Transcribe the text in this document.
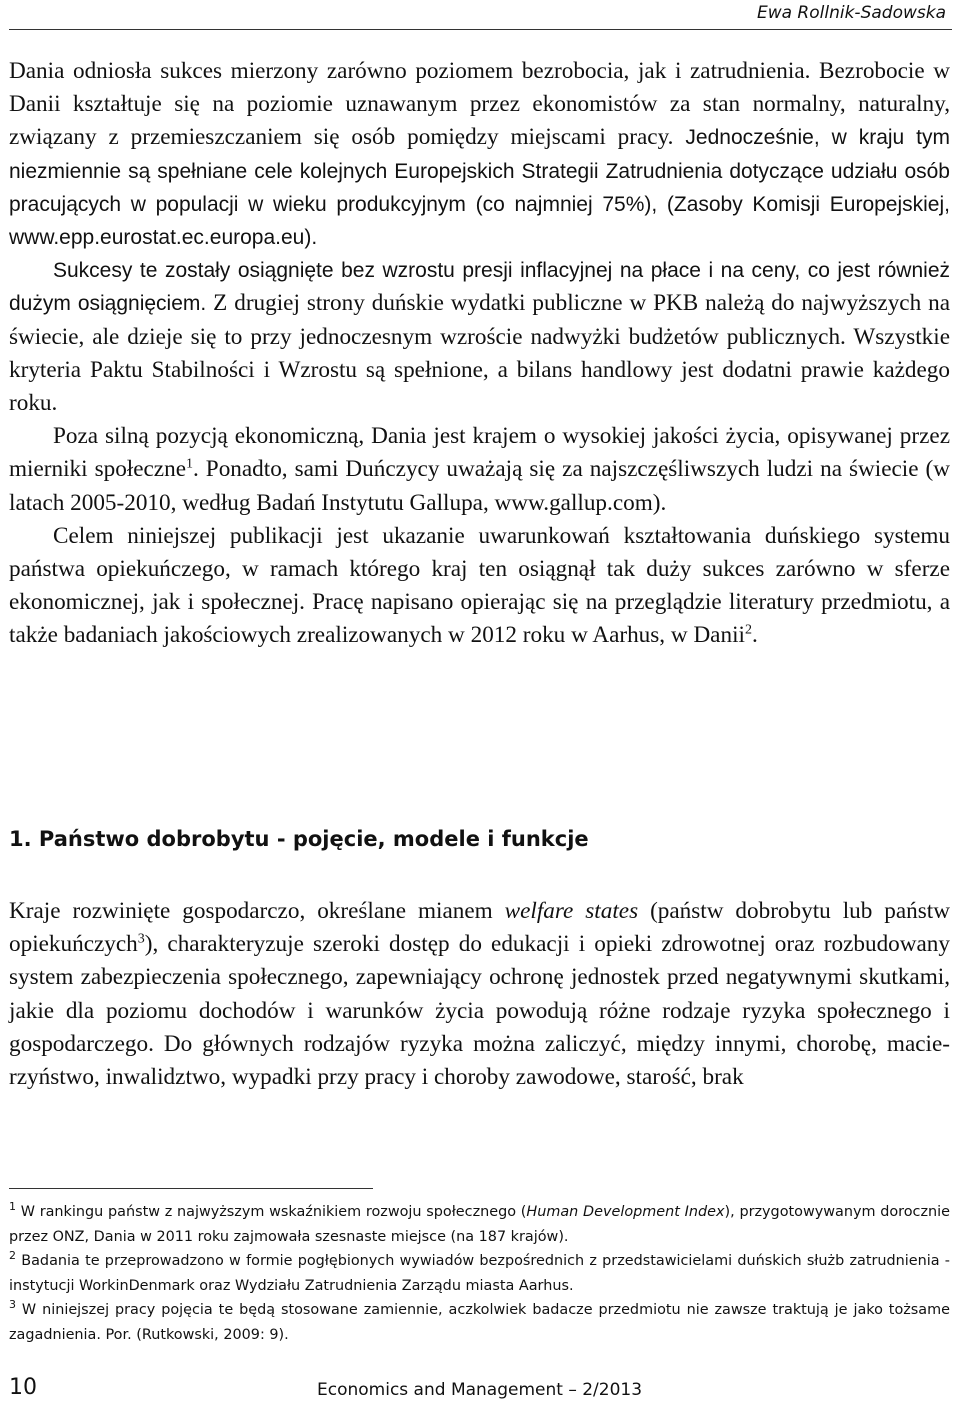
Ewa Rollnik-Sadowska

Dania odniosła sukces mierzony zarówno poziomem bezrobocia, jak i zatrudnienia. Bezrobocie w Danii kształtuje się na poziomie uznawanym przez ekonomistów za stan normalny, naturalny, związany z przemieszczaniem się osób pomiędzy miejscami pracy. Jednocześnie, w kraju tym niezmiennie są spełniane cele kolejnych Europejskich Strategii Zatrudnienia dotyczące udziału osób pracujących w populacji w wieku produkcyjnym (co najmniej 75%), (Zasoby Komisji Europejskiej, www.epp.eurostat.ec.europa.eu).

Sukcesy te zostały osiągnięte bez wzrostu presji inflacyjnej na płace i na ceny, co jest również dużym osiągnięciem. Z drugiej strony duńskie wydatki publiczne w PKB należą do najwyższych na świecie, ale dzieje się to przy jednoczesnym wzroście nadwyżki budżetów publicznych. Wszystkie kryteria Paktu Stabilności i Wzrostu są spełnione, a bilans handlowy jest dodatni prawie każdego roku.

Poza silną pozycją ekonomiczną, Dania jest krajem o wysokiej jakości życia, opisywanej przez mierniki społeczne$^1$. Ponadto, sami Duńczycy uważają się za najszczęśliwszych ludzi na świecie (w latach 2005-2010, według Badań Instytutu Gallupa, www.gallup.com).

Celem niniejszej publikacji jest ukazanie uwarunkowań kształtowania duńskiego systemu państwa opiekuńczego, w ramach którego kraj ten osiągnął tak duży sukces zarówno w sferze ekonomicznej, jak i społecznej. Pracę napisano opierając się na przeglądzie literatury przedmiotu, a także badaniach jakościowych zrealizowanych w 2012 roku w Aarhus, w Danii$^2$.

1. Państwo dobrobytu - pojęcie, modele i funkcje

Kraje rozwinięte gospodarczo, określane mianem welfare states (państw dobrobytu lub państw opiekuńczych$^3$), charakteryzuje szeroki dostęp do edukacji i opieki zdrowotnej oraz rozbudowany system zabezpieczenia społecznego, zapewniający ochronę jednostek przed negatywnymi skutkami, jakie dla poziomu dochodów i warunków życia powodują różne rodzaje ryzyka społecznego i gospodarczego. Do głównych rodzajów ryzyka można zaliczyć, między innymi, chorobę, macierzyństwo, inwalidztwo, wypadki przy pracy i choroby zawodowe, starość, brak

$^1$ W rankingu państw z najwyższym wskaźnikiem rozwoju społecznego (Human Development Index), przygotowywanym dorocznie przez ONZ, Dania w 2011 roku zajmowała szesnaste miejsce (na 187 krajów).

$^2$ Badania te przeprowadzono w formie pogłębionych wywiadów bezpośrednich z przedstawicielami duńskich służb zatrudnienia - instytucji WorkinDenmark oraz Wydziału Zatrudnienia Zarządu miasta Aarhus.

$^3$ W niniejszej pracy pojęcia te będą stosowane zamiennie, aczkolwiek badacze przedmiotu nie zawsze traktują je jako tożsame zagadnienia. Por. (Rutkowski, 2009: 9).

10	Economics and Management – 2/2013
